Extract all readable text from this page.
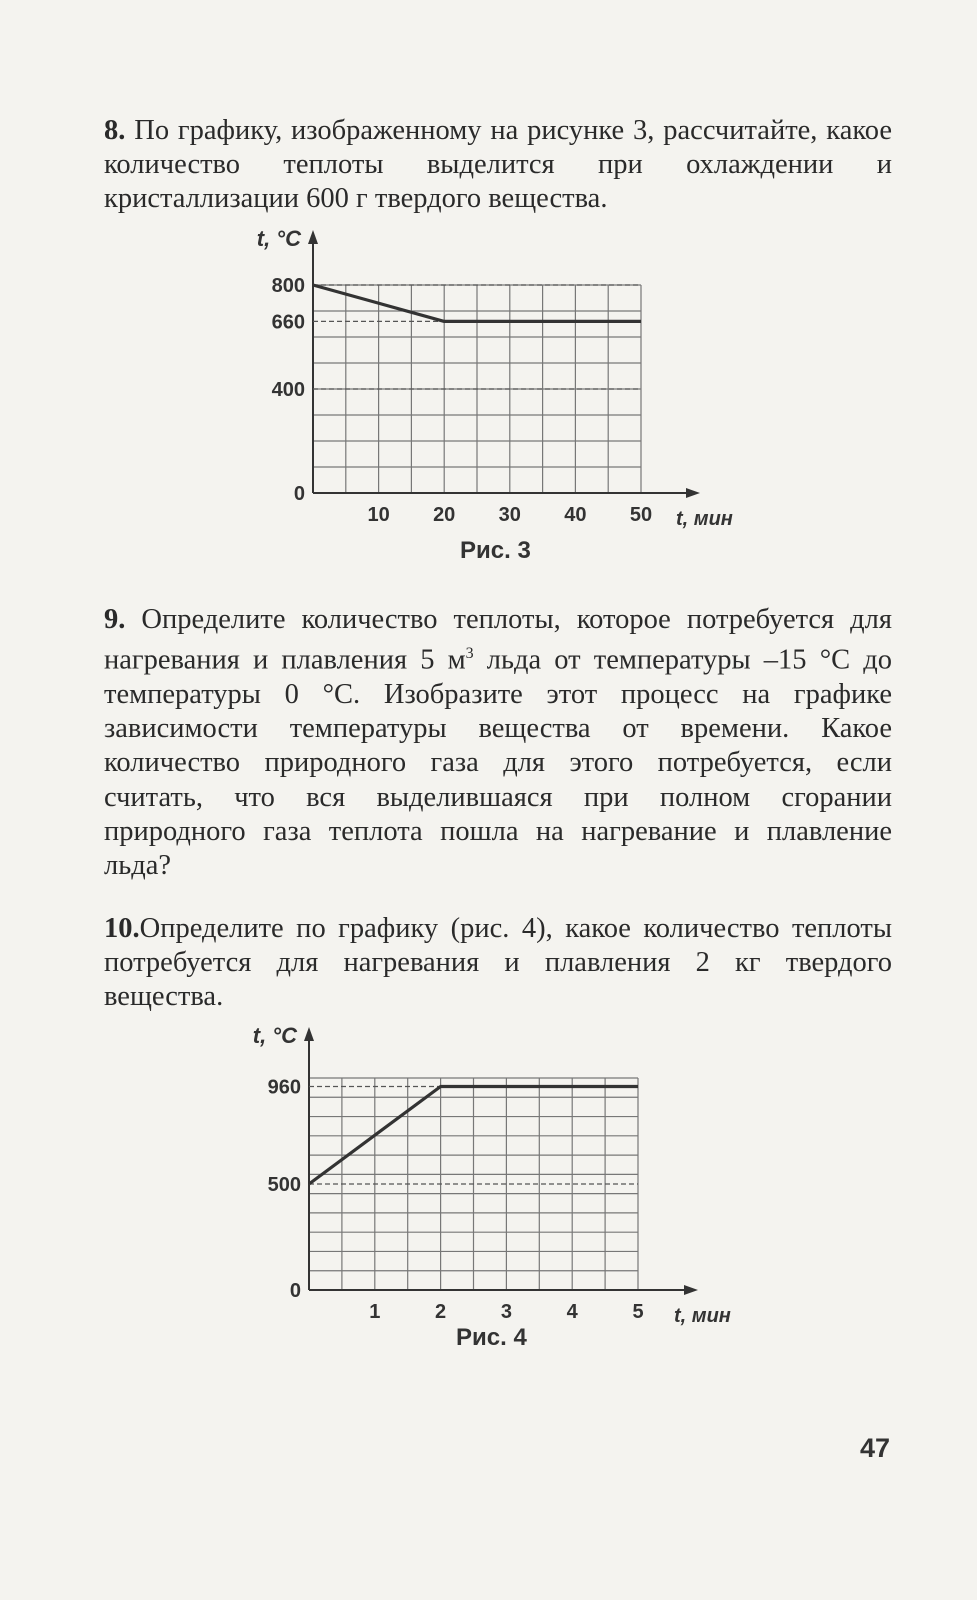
8. По графику, изображенному на рисунке 3, рассчитайте, какое количество теплоты выделится при охлаждении и кристаллизации 600 г твердого вещества.

800
660
400
0
10 20 30 40 50
t, °C
t, мин
960
500
0
1	2	3	4	5
t, °C
t, мин
Рис. 3

9. Определите количество теплоты, которое потребуется для нагревания и плавления 5 $м^3$ льда от температуры –15 °С до температуры 0 °С. Изобразите этот процесс на графике зависимости температуры вещества от времени. Какое количество природного газа для этого потребуется, если считать, что вся выделившаяся при полном сгорании природного газа теплота пошла на нагревание и плавление льда?

10.Определите по графику (рис. 4), какое количество теплоты потребуется для нагревания и плавления 2 кг твердого вещества.

Рис. 4
47
